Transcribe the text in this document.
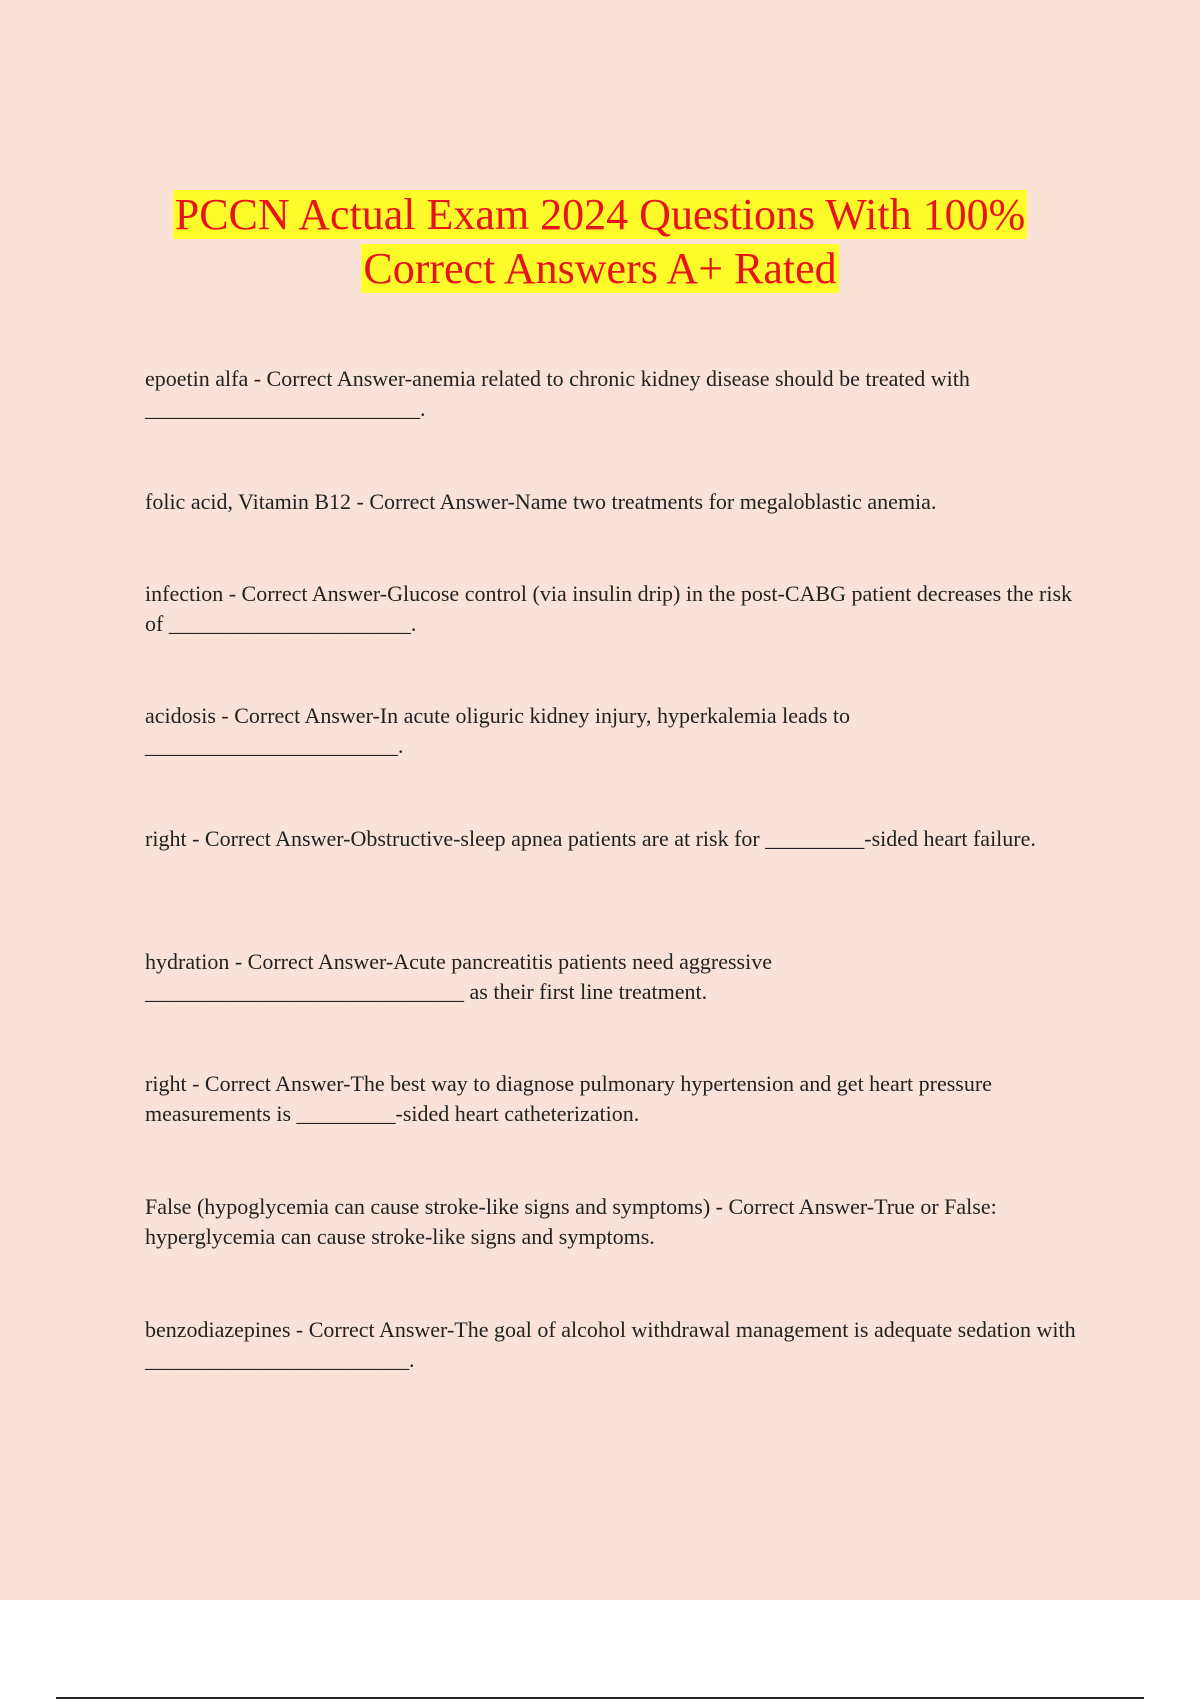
PCCN Actual Exam 2024 Questions With 100%
Correct Answers A+ Rated

epoetin alfa - Correct Answer-anemia related to chronic kidney disease should be treated with
_________________________.

folic acid, Vitamin B12 - Correct Answer-Name two treatments for megaloblastic anemia.

infection - Correct Answer-Glucose control (via insulin drip) in the post-CABG patient decreases the risk of ______________________.

acidosis - Correct Answer-In acute oliguric kidney injury, hyperkalemia leads to
_______________________.

right - Correct Answer-Obstructive-sleep apnea patients are at risk for _________-sided heart failure.

hydration - Correct Answer-Acute pancreatitis patients need aggressive
_____________________________ as their first line treatment.

right - Correct Answer-The best way to diagnose pulmonary hypertension and get heart pressure measurements is _________-sided heart catheterization.

False (hypoglycemia can cause stroke-like signs and symptoms) - Correct Answer-True or False: hyperglycemia can cause stroke-like signs and symptoms.

benzodiazepines - Correct Answer-The goal of alcohol withdrawal management is adequate sedation with ________________________.
